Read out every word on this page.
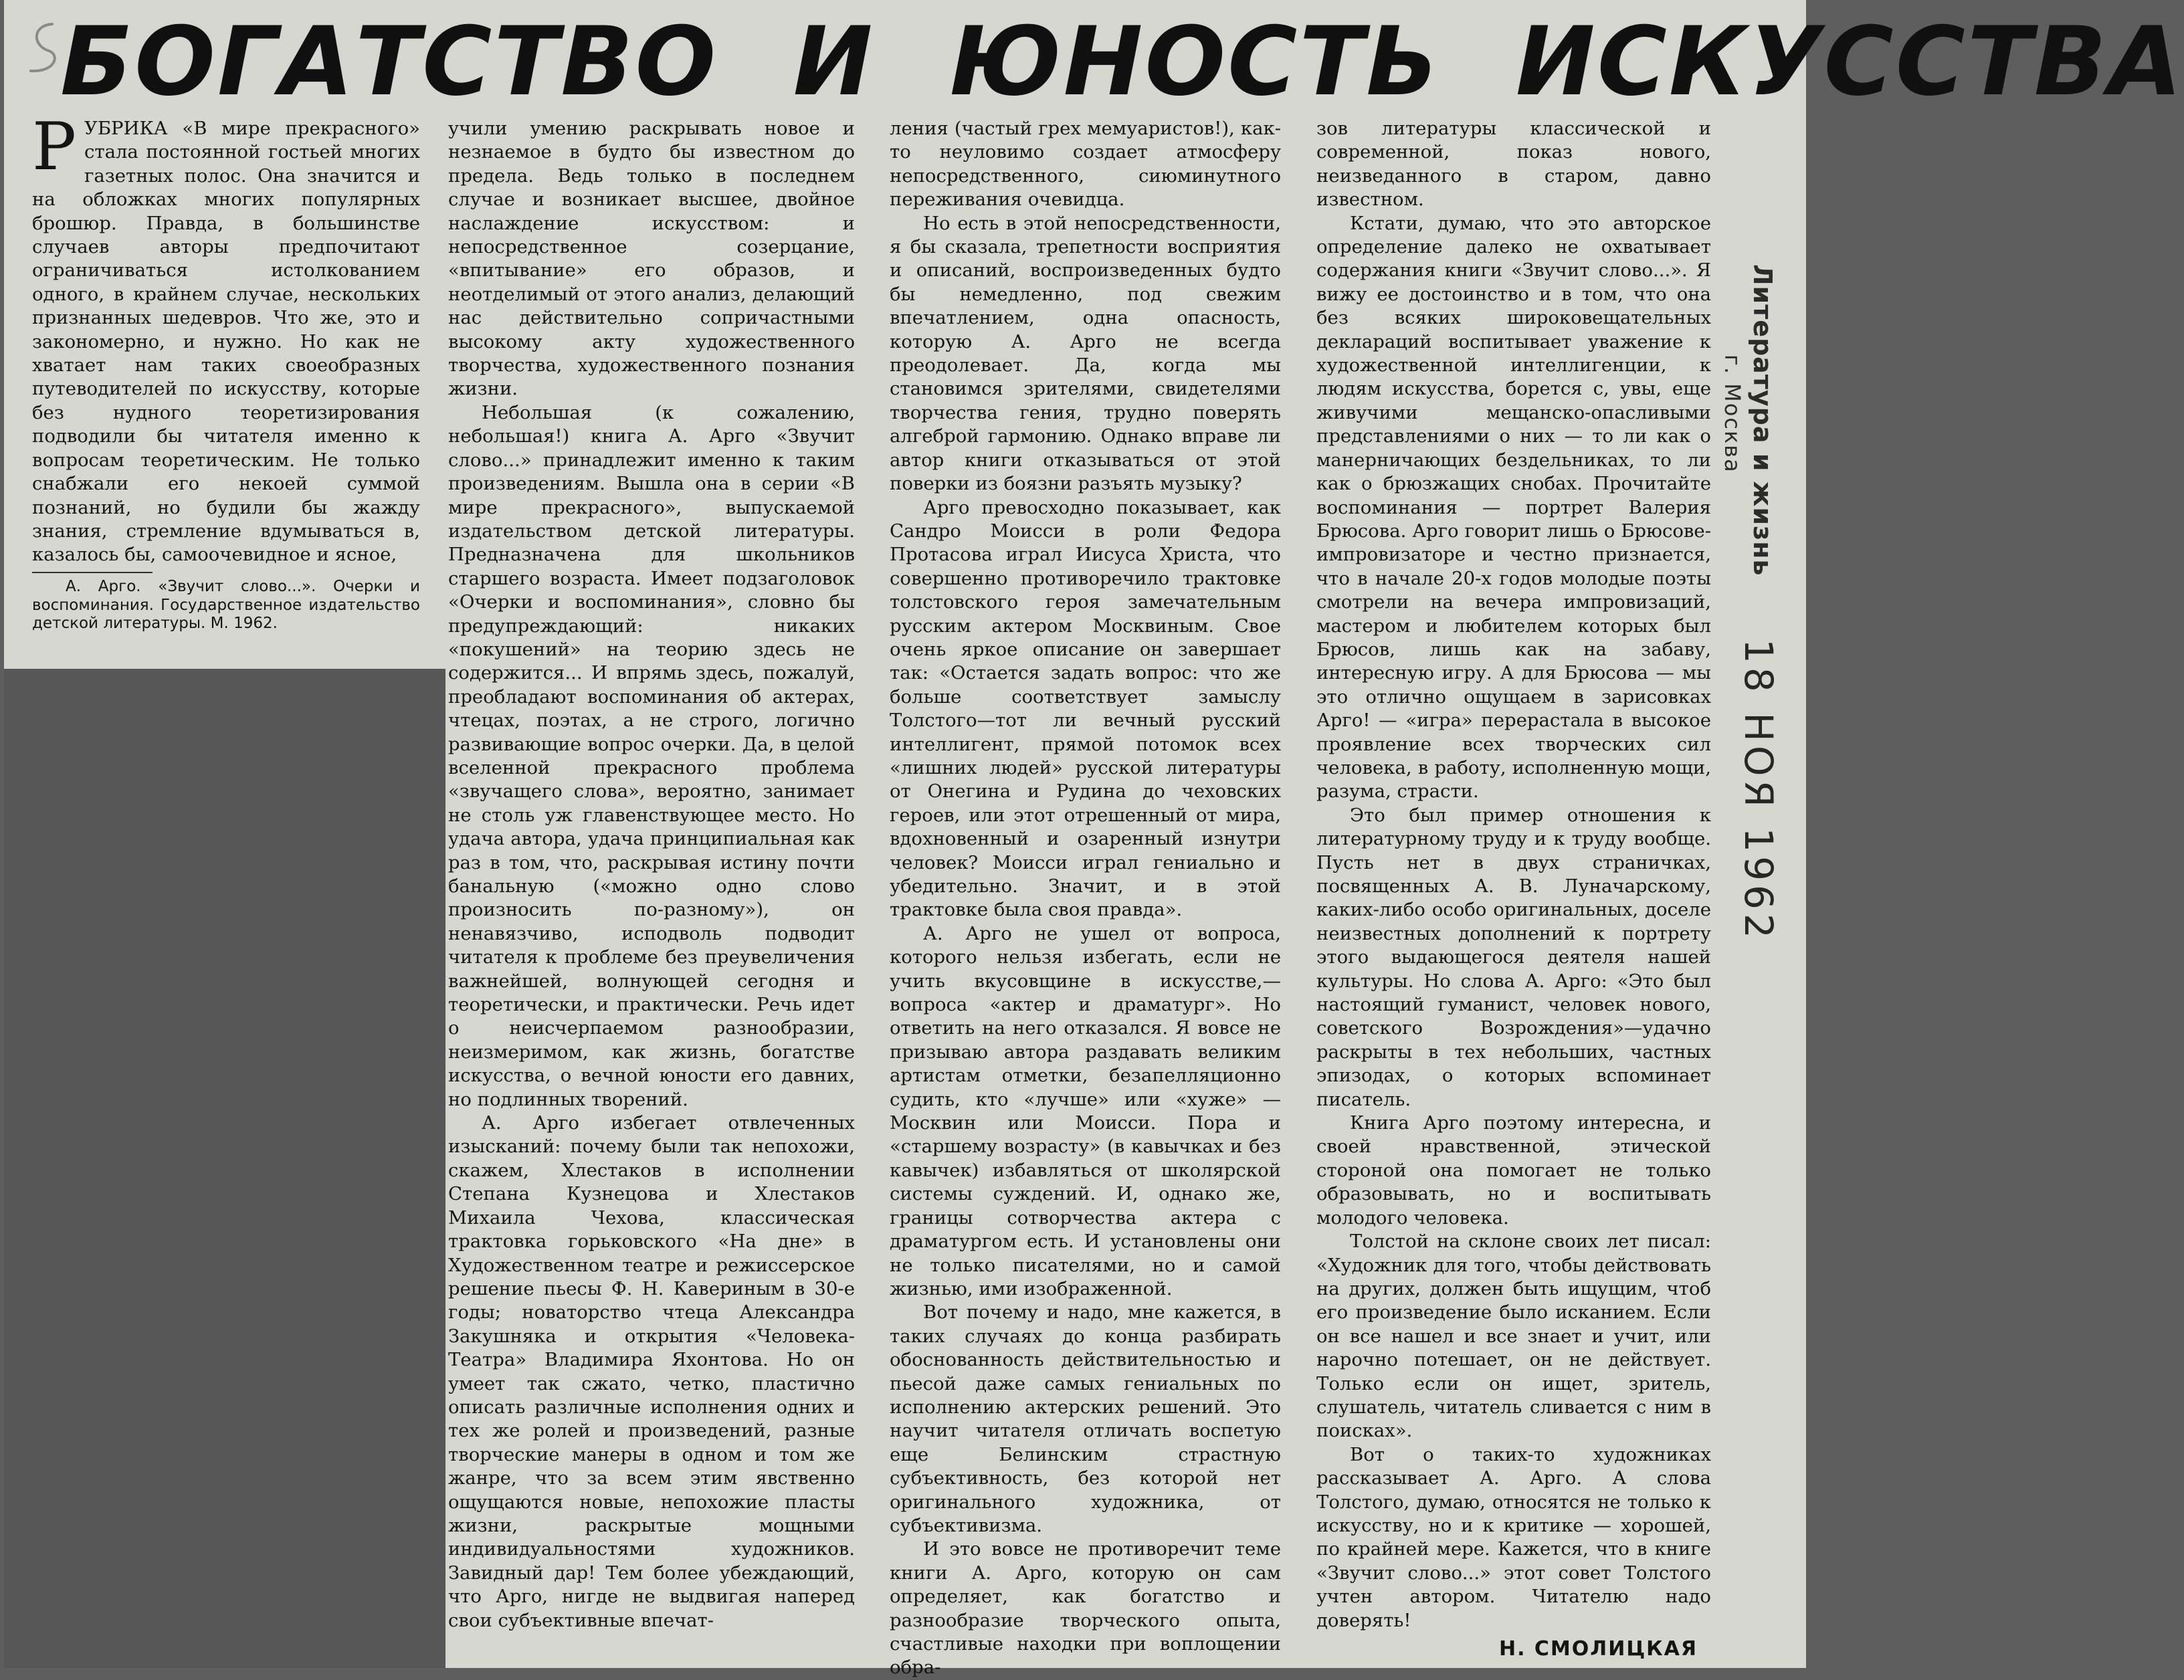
БОГАТСТВО И ЮНОСТЬ ИСКУССТВА

РУБРИКА «В мире прекрасного» стала постоянной гостьей многих газетных полос. Она значится и на обложках многих популярных брошюр. Правда, в большинстве случаев авторы предпочитают ограничиваться истолкованием одного, в крайнем случае, нескольких признанных шедевров. Что же, это и закономерно, и нужно. Но как не хватает нам таких своеобразных путеводителей по искусству, которые без нудного теоретизирования подводили бы читателя именно к вопросам теоретическим. Не только снабжали его некоей суммой познаний, но будили бы жажду знания, стремление вдумываться в, казалось бы, самоочевидное и ясное,

А. Арго. «Звучит слово...». Очерки и воспоминания. Государственное издательство детской литературы. М. 1962.

учили умению раскрывать новое и незнаемое в будто бы известном до предела. Ведь только в последнем случае и возникает высшее, двойное наслаждение искусством: и непосредственное созерцание, «впитывание» его образов, и неотделимый от этого анализ, делающий нас действительно сопричастными высокому акту художественного творчества, художественного познания жизни.

Небольшая (к сожалению, небольшая!) книга А. Арго «Звучит слово...» принадлежит именно к таким произведениям. Вышла она в серии «В мире прекрасного», выпускаемой издательством детской литературы. Предназначена для школьников старшего возраста. Имеет подзаголовок «Очерки и воспоминания», словно бы предупреждающий: никаких «покушений» на теорию здесь не содержится... И впрямь здесь, пожалуй, преобладают воспоминания об актерах, чтецах, поэтах, а не строго, логично развивающие вопрос очерки. Да, в целой вселенной прекрасного проблема «звучащего слова», вероятно, занимает не столь уж главенствующее место. Но удача автора, удача принципиальная как раз в том, что, раскрывая истину почти банальную («можно одно слово произносить по-разному»), он ненавязчиво, исподволь подводит читателя к проблеме без преувеличения важнейшей, волнующей сегодня и теоретически, и практически. Речь идет о неисчерпаемом разнообразии, неизмеримом, как жизнь, богатстве искусства, о вечной юности его давних, но подлинных творений.

А. Арго избегает отвлеченных изысканий: почему были так непохожи, скажем, Хлестаков в исполнении Степана Кузнецова и Хлестаков Михаила Чехова, классическая трактовка горьковского «На дне» в Художественном театре и режиссерское решение пьесы Ф. Н. Кавериным в 30-е годы; новаторство чтеца Александра Закушняка и открытия «Человека-Театра» Владимира Яхонтова. Но он умеет так сжато, четко, пластично описать различные исполнения одних и тех же ролей и произведений, разные творческие манеры в одном и том же жанре, что за всем этим явственно ощущаются новые, непохожие пласты жизни, раскрытые мощными индивидуальностями художников. Завидный дар! Тем более убеждающий, что Арго, нигде не выдвигая наперед свои субъективные впечат-

ления (частый грех мемуаристов!), как-то неуловимо создает атмосферу непосредственного, сиюминутного переживания очевидца.

Но есть в этой непосредственности, я бы сказала, трепетности восприятия и описаний, воспроизведенных будто бы немедленно, под свежим впечатлением, одна опасность, которую А. Арго не всегда преодолевает. Да, когда мы становимся зрителями, свидетелями творчества гения, трудно поверять алгеброй гармонию. Однако вправе ли автор книги отказываться от этой поверки из боязни разъять музыку?

Арго превосходно показывает, как Сандро Моисси в роли Федора Протасова играл Иисуса Христа, что совершенно противоречило трактовке толстовского героя замечательным русским актером Москвиным. Свое очень яркое описание он завершает так: «Остается задать вопрос: что же больше соответствует замыслу Толстого—тот ли вечный русский интеллигент, прямой потомок всех «лишних людей» русской литературы от Онегина и Рудина до чеховских героев, или этот отрешенный от мира, вдохновенный и озаренный изнутри человек? Моисси играл гениально и убедительно. Значит, и в этой трактовке была своя правда».

А. Арго не ушел от вопроса, которого нельзя избегать, если не учить вкусовщине в искусстве,— вопроса «актер и драматург». Но ответить на него отказался. Я вовсе не призываю автора раздавать великим артистам отметки, безапелляционно судить, кто «лучше» или «хуже» — Москвин или Моисси. Пора и «старшему возрасту» (в кавычках и без кавычек) избавляться от школярской системы суждений. И, однако же, границы сотворчества актера с драматургом есть. И установлены они не только писателями, но и самой жизнью, ими изображенной.

Вот почему и надо, мне кажется, в таких случаях до конца разбирать обоснованность действительностью и пьесой даже самых гениальных по исполнению актерских решений. Это научит читателя отличать воспетую еще Белинским страстную субъективность, без которой нет оригинального художника, от субъективизма.

И это вовсе не противоречит теме книги А. Арго, которую он сам определяет, как богатство и разнообразие творческого опыта, счастливые находки при воплощении обра-

зов литературы классической и современной, показ нового, неизведанного в старом, давно известном.

Кстати, думаю, что это авторское определение далеко не охватывает содержания книги «Звучит слово...». Я вижу ее достоинство и в том, что она без всяких широковещательных деклараций воспитывает уважение к художественной интеллигенции, к людям искусства, борется с, увы, еще живучими мещанско-опасливыми представлениями о них — то ли как о манерничающих бездельниках, то ли как о брюзжащих снобах. Прочитайте воспоминания — портрет Валерия Брюсова. Арго говорит лишь о Брюсове-импровизаторе и честно признается, что в начале 20-х годов молодые поэты смотрели на вечера импровизаций, мастером и любителем которых был Брюсов, лишь как на забаву, интересную игру. А для Брюсова — мы это отлично ощущаем в зарисовках Арго! — «игра» перерастала в высокое проявление всех творческих сил человека, в работу, исполненную мощи, разума, страсти.

Это был пример отношения к литературному труду и к труду вообще. Пусть нет в двух страничках, посвященных А. В. Луначарскому, каких-либо особо оригинальных, доселе неизвестных дополнений к портрету этого выдающегося деятеля нашей культуры. Но слова А. Арго: «Это был настоящий гуманист, человек нового, советского Возрождения»—удачно раскрыты в тех небольших, частных эпизодах, о которых вспоминает писатель.

Книга Арго поэтому интересна, и своей нравственной, этической стороной она помогает не только образовывать, но и воспитывать молодого человека.

Толстой на склоне своих лет писал: «Художник для того, чтобы действовать на других, должен быть ищущим, чтоб его произведение было исканием. Если он все нашел и все знает и учит, или нарочно потешает, он не действует. Только если он ищет, зритель, слушатель, читатель сливается с ним в поисках».

Вот о таких-то художниках рассказывает А. Арго. А слова Толстого, думаю, относятся не только к искусству, но и к критике — хорошей, по крайней мере. Кажется, что в книге «Звучит слово...» этот совет Толстого учтен автором. Читателю надо доверять!

Н. СМОЛИЦКАЯ
Литература и жизнь
г. Москва
18 НОЯ 1962
